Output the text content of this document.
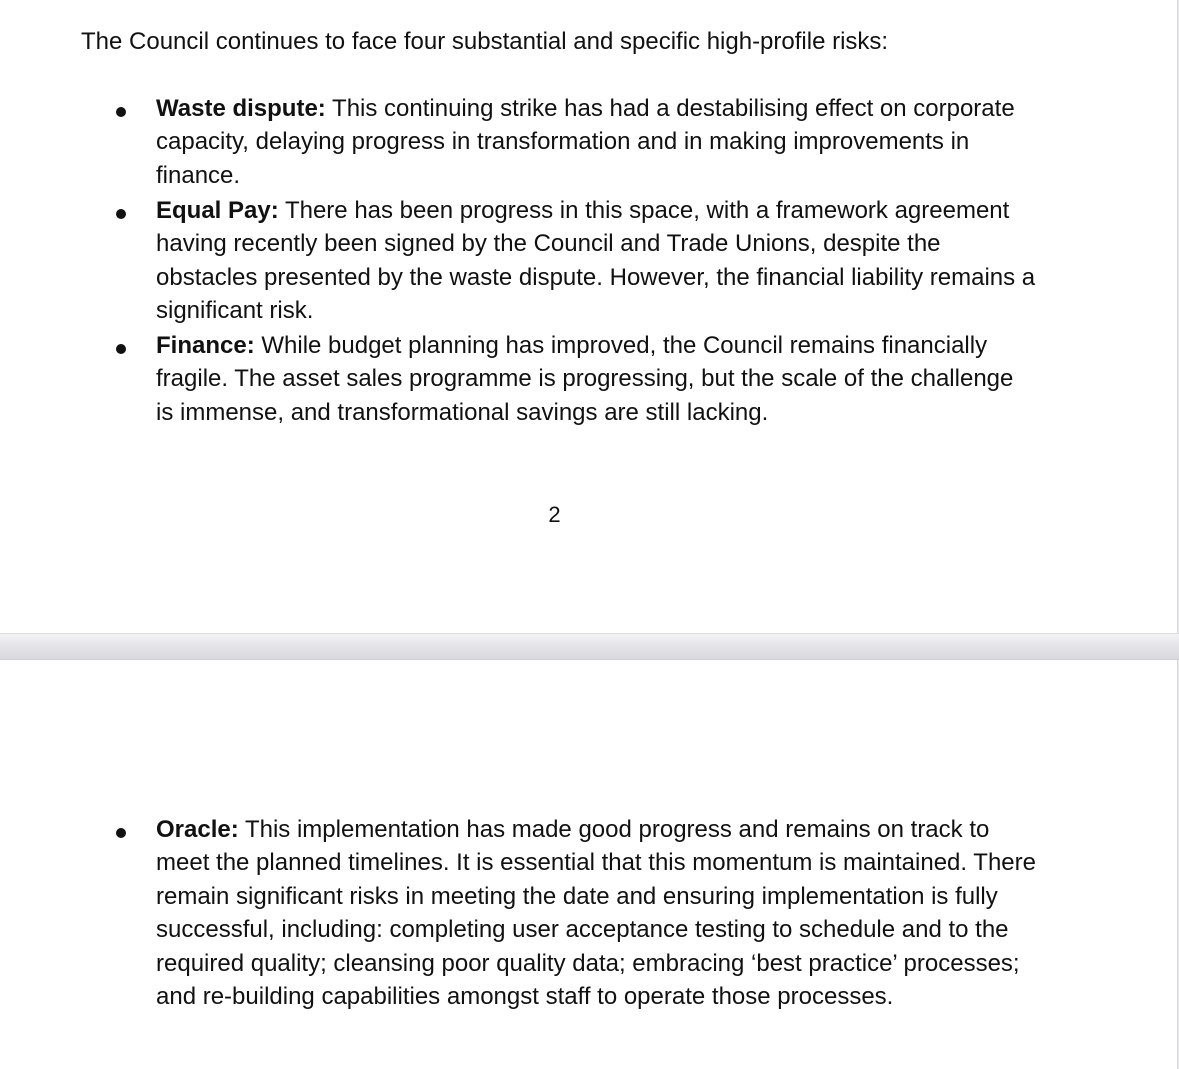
The Council continues to face four substantial and specific high-profile risks:

Waste dispute: This continuing strike has had a destabilising effect on corporate capacity, delaying progress in transformation and in making improvements in finance.
Equal Pay: There has been progress in this space, with a framework agreement having recently been signed by the Council and Trade Unions, despite the obstacles presented by the waste dispute. However, the financial liability remains a significant risk.
Finance: While budget planning has improved, the Council remains financially fragile. The asset sales programme is progressing, but the scale of the challenge is immense, and transformational savings are still lacking.
2
Oracle: This implementation has made good progress and remains on track to meet the planned timelines. It is essential that this momentum is maintained. There remain significant risks in meeting the date and ensuring implementation is fully successful, including: completing user acceptance testing to schedule and to the required quality; cleansing poor quality data; embracing ‘best practice’ processes; and re-building capabilities amongst staff to operate those processes.
